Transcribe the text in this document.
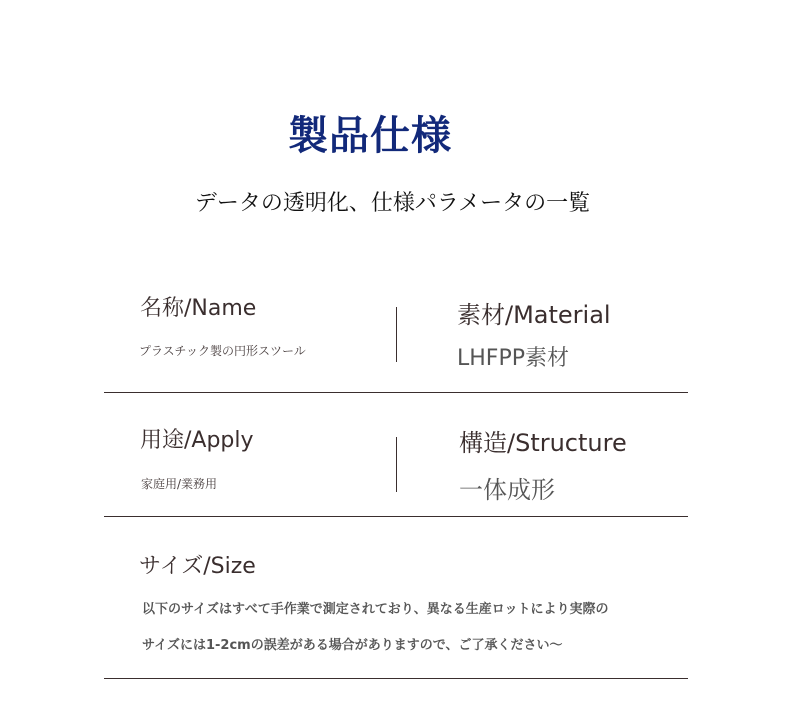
製品仕様
データの透明化、仕様パラメータの一覧
名称/Name
プラスチック製の円形スツール
素材/Material
LHFPP素材
用途/Apply
家庭用/業務用
構造/Structure
一体成形
サイズ/Size
以下のサイズはすべて手作業で測定されており、異なる生産ロットにより実際の
サイズには1-2cmの誤差がある場合がありますので、ご了承ください〜
